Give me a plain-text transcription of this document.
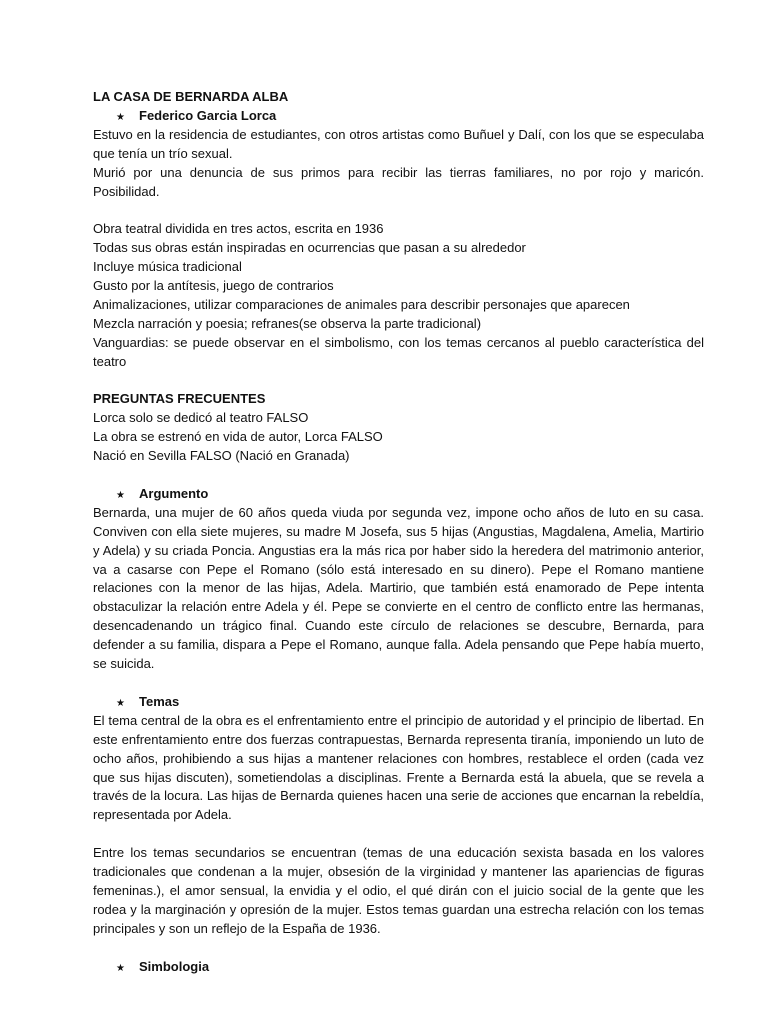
LA CASA DE BERNARDA ALBA

★	Federico Garcia Lorca

Estuvo en la residencia de estudiantes, con otros artistas como Buñuel y Dalí, con los que se especulaba que tenía un trío sexual.

Murió por una denuncia de sus primos para recibir las tierras familiares, no por rojo y maricón. Posibilidad.

Obra teatral dividida en tres actos, escrita en 1936

Todas sus obras están inspiradas en ocurrencias que pasan a su alrededor

Incluye música tradicional

Gusto por la antítesis, juego de contrarios

Animalizaciones, utilizar comparaciones de animales para describir personajes que aparecen

Mezcla narración y poesia; refranes(se observa la parte tradicional)

Vanguardias: se puede observar en el simbolismo, con los temas cercanos al pueblo característica del teatro

PREGUNTAS FRECUENTES

Lorca solo se dedicó al teatro FALSO

La obra se estrenó en vida de autor, Lorca FALSO

Nació en Sevilla FALSO (Nació en Granada)

★	Argumento

Bernarda, una mujer de 60 años queda viuda por segunda vez, impone ocho años de luto en su casa. Conviven con ella siete mujeres, su madre M Josefa, sus 5 hijas (Angustias, Magdalena, Amelia, Martirio y Adela) y su criada Poncia. Angustias era la más rica por haber sido la heredera del matrimonio anterior, va a casarse con Pepe el Romano (sólo está interesado en su dinero). Pepe el Romano mantiene relaciones con la menor de las hijas, Adela. Martirio, que también está enamorado de Pepe intenta obstaculizar la relación entre Adela y él. Pepe se convierte en el centro de conflicto entre las hermanas, desencadenando un trágico final. Cuando este círculo de relaciones se descubre, Bernarda, para defender a su familia, dispara a Pepe el Romano, aunque falla. Adela pensando que Pepe había muerto, se suicida.

★	Temas

El tema central de la obra es el enfrentamiento entre el principio de autoridad y el principio de libertad. En este enfrentamiento entre dos fuerzas contrapuestas, Bernarda representa tiranía, imponiendo un luto de ocho años, prohibiendo a sus hijas a mantener relaciones con hombres, restablece el orden (cada vez que sus hijas discuten), sometiendolas a disciplinas. Frente a Bernarda está la abuela, que se revela a través de la locura. Las hijas de Bernarda quienes hacen una serie de acciones que encarnan la rebeldía, representada por Adela.

Entre los temas secundarios se encuentran (temas de una educación sexista basada en los valores tradicionales que condenan a la mujer, obsesión de la virginidad y mantener las apariencias de figuras femeninas.), el amor sensual, la envidia y el odio, el qué dirán con el juicio social de la gente que les rodea y la marginación y opresión de la mujer. Estos temas guardan una estrecha relación con los temas principales y son un reflejo de la España de 1936.

★	Simbologia
